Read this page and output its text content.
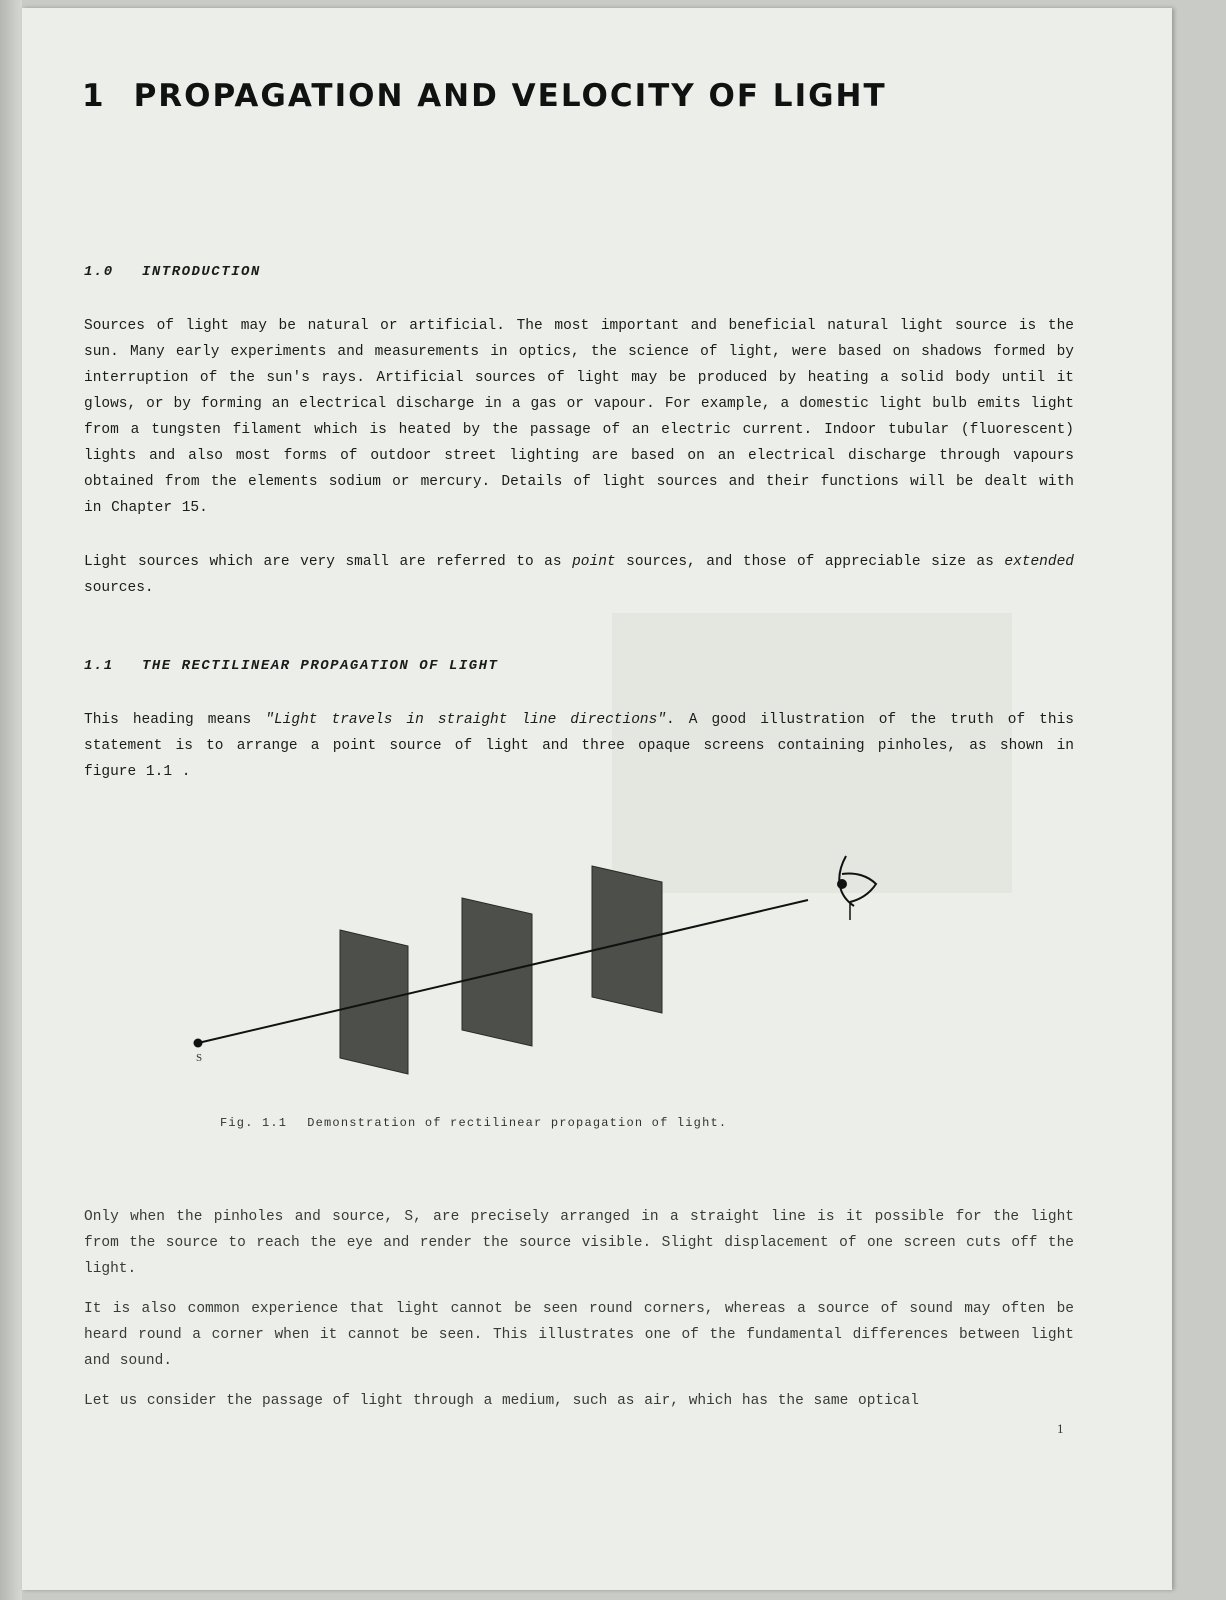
1 PROPAGATION AND VELOCITY OF LIGHT
1.0 INTRODUCTION

Sources of light may be natural or artificial. The most important and beneficial natural light source is the sun. Many early experiments and measurements in optics, the science of light, were based on shadows formed by interruption of the sun's rays. Artificial sources of light may be produced by heating a solid body until it glows, or by forming an electrical discharge in a gas or vapour. For example, a domestic light bulb emits light from a tungsten filament which is heated by the passage of an electric current. Indoor tubular (fluorescent) lights and also most forms of outdoor street lighting are based on an electrical discharge through vapours obtained from the elements sodium or mercury. Details of light sources and their functions will be dealt with in Chapter 15.

Light sources which are very small are referred to as point sources, and those of appreciable size as extended sources.

1.1 THE RECTILINEAR PROPAGATION OF LIGHT

This heading means "Light travels in straight line directions". A good illustration of the truth of this statement is to arrange a point source of light and three opaque screens containing pinholes, as shown in figure 1.1 .

S
Fig. 1.1 Demonstration of rectilinear propagation of light.

Only when the pinholes and source, S, are precisely arranged in a straight line is it possible for the light from the source to reach the eye and render the source visible. Slight displacement of one screen cuts off the light.

It is also common experience that light cannot be seen round corners, whereas a source of sound may often be heard round a corner when it cannot be seen. This illustrates one of the fundamental differences between light and sound.

Let us consider the passage of light through a medium, such as air, which has the same optical

1
